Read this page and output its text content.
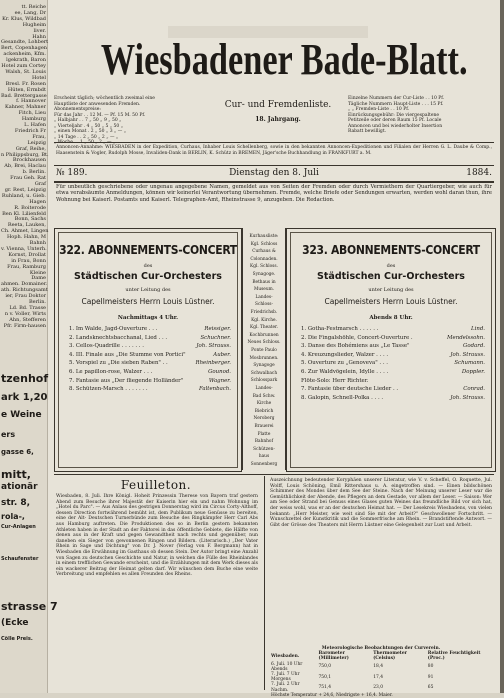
tt. Reiche
ee, Lang, Dr
Kr. Klus, Wildbad
Hugheim
liver.
Hahn
Gesandte, Lohbert
Bert, Copenhagen
ackenheim, Kfm.
lgekrath, Baron
Hotel zum Cortey
Walsh, St. Louis
Hotel
Bresl. Fr. Rosen
Hüten, Ermbdt
Bad. Brettergasse
f. Hannover
Kahner, Mahner
Fitch, Lieu
Hamburg
L. Hafen
Friedrich Fr
Frau,
Leipzig
Graf, Reihe,
n Philippsburg, Bt.
Brockhausen
Ab, Brei, Haclau
b. Berlin.
Frau Geh. Rat
Graf
gr. Rest, Leipzig
Ruhland, u. Gieb.
Hagen
R. Boiterode
Ben Kl. Lilienfeld
Bonn, Sachs
Reeta, Lauken,
Ch. Ahmet, Lingen
Hoph. Hahn, M
Bahnh
v. Vienna, Unterh.
Kornst, Drollat
in Frau, Bonn
Frau, Ramburg
Kleine
Dame
ahmen. Domainer.
ath. Richtungsamt
ier, Frau Doktor
Berlin.
Ld. Bd. Trasse
n v. Voller, Wirts
Ahn, Stefferen
Pfr. Firm-hausen
tzenhof
ark 1,20
e Weine
ers
gasse 6,
mitt,
ationär
str. 8,
rola-,
Cur-Anlagen
Schaufenster
strasse 7
(Ecke
Cölle Preis.
Wiesbadener Bade-Blatt.
Erscheint täglich; wöchentlich zweimal eine
Hauptliste der anwesenden Fremden.
Abonnementspreise:
Für das Jahr . . 12 M. — Pf. 15 M. 50 Pf.
„ Halbjahr . . 7 „ 50 „ 9 „ 50 „
„ Vierteljahr . 4 „ 50 „ 5 „ 50 „
„ einen Monat . 2 „ 50 „ 3 „ — „
„ 14 Tage . . 2 „ 50 „ 2 „ — „
„ Woche . . 1 „ 50 „ 2 „ — „
Cur- und Fremdenliste.
18. Jahrgang.
Einzelne Nummern der Cur-Liste . . 10 Pf.
Tägliche Nummern Haupt-Liste . . . 15 Pf.
„ „ Fremden-Liste . . 10 Pf.
Einrückungsgebühr: Die viergespaltene
Petitzeile oder deren Raum 15 Pf. Locale
Annoncen und bei wiederholter Insertion
Rabatt bewilligt.
Annoncen-Annahme: WIESBADEN in der Expedition, Curhaus, Inhaber Louis Schellenberg, sowie in den bekannten Annoncen-Expeditionen und Filialen der Herren G. L. Daube & Comp., Haasenstein & Vogler, Rudolph Mosse, Invaliden-Dank in BERLIN, K. Schütz in BREMEN, Jäger'sche Buchhandlung in FRANKFURT a. M.
№ 189.	Dienstag den 8. Juli	1884.
Für unbeutlich geschriebene oder ungenau angegebene Namen, gemeldet aus von Seiten der Fremden oder durch Vermiethern der Quartiergeber, wie auch für etwa verabsäumte Anmeldungen, können wir keinerlei Verantwortung übernehmen. Fremde, welche Briefe oder Sendungen erwarten, werden wohl daran thun, ihre Wohnung bei Kaiserl. Postamts und Kaiserl. Telegraphen-Amt, Rheinstrasse 9, anzugeben. Die Redaction.
322. ABONNEMENTS-CONCERT
des
Städtischen Cur-Orchesters
unter Leitung des
Capellmeisters Herrn Louis Lüstner.
Nachmittags 4 Uhr.
1. Im Walde, Jagd-Ouverture . . .	Reissiger.
2. Landsknechtsbacchanal, Lied . . .	Schuchner.
3. Cellos-Quadrille . . . . . . .	Joh. Strauss.
4. III. Finale aus „Die Stumme von Portici"	Auber.
5. Vorspiel zu „Die sieben Raben" . .	Rheinberger.
6. Le papillon-rose, Walzer . . .	Gounod.
7. Fantasie aus „Der fliegende Holländer"	Wagner.
8. Schützen-Marsch . . . . . . .	Faltenbach.
Kurhausliste:
Kgl. Schloss
Curhaus &
Colonnaden.
Kgl. Schloss.
Synagoge.
Bethaus in
Museum.
Landes-
Schloss-
Friedrichsb.
Kgl. Kirche.
Kgl. Theater.
Kochbrunnen
Neues Schloss.
Ponte Paulo
Mosbrunnen.
Synagoge
Schwalbach
Schlosspark
Landes-
Bad Schw.
Kirche
Biebrich
Neroberg
Brauerei
Platte
Bahnhof
Schützen-
haus
Sonnenberg
323. ABONNEMENTS-CONCERT
des
Städtischen Cur-Orchesters
unter Leitung des
Capellmeisters Herrn Louis Lüstner.
Abends 8 Uhr.
1. Gotha-Festmarsch . . . . . .	Lind.
2. Die Fingalshöhle, Concert-Ouverture .	Mendelssohn.
3. Danse des Bohémiens aus „Le Tasse"	Godard.
4. Kreuzungslieder, Walzer . . . .	Joh. Strauss.
5. Ouverture zu „Genoveva" . . .	Schumann.
6. Zur Waldvögelein, Idylle . . . .	Doppler.
Flöte-Solo: Herr Richter.
7. Fantasie über deutsche Lieder . .	Conrad.
8. Galopin, Schnell-Polka . . . .	Joh. Strauss.
Feuilleton.
Wiesbaden, 8. Juli. Ihre Königl. Hoheit Prinzessin Therese von Bayern traf gestern Abend zum Besuche ihrer Majestät der Kaiserin hier ein und nahm Wohnung im „Hotel du Parc". — Aus Anlass des gestrigen Donnerstag wird im Circus Corty-Althoff, dessen Direction fortwährend bemüht ist, dem Publikum neue Genüsse zu bereiten, eine der Alt- Deutschen Turnerbünde zum Besuche des Ringkämpfer Herr Carl Abs aus Hamburg auftreten. Die Produktionen des so in Berlin gestern bekannten Athleten haben in der Stadt an der Faktorei in das öffentliche Gebiete, die Hälfte von denen aus in der Kraft und gegen Gewandtheit nach rechts und gegenüber, nun daneben ein Sieger von gewonnenen Ringen und Bildern. (Literarisch.) „Der Vater Rhein in Sage und Dichtung" von Dr. J. Nover (Verlag von F. Bergmann) hat in Wiesbaden die Erwähnung im Gasthaus ob dessen Stein. Der Autor bringt eine Anzahl von Sagen zu deutschen Geschichte und Natur, in welchen die Fülle des Rheinlandes in einem trefflichen Gewande erscheint, und die Erzählungen mit dem Werk dieses als ein wackerer Beitrag der Heimat gelten darf. Wir wünschen dem Buche eine weite Verbreitung und empfehlen es allen Freunden des Rheins.
Auszeichnung bedeutender Koryphäen unserer Literatur, wie V. v. Scheffel, O. Roquette, Jul. Wolff, Louis Schöning, Emil Rittershaus u. A. eingetroffen sind. — Einen bildschönen Schimmer des Mondes über dem See der Steine. Nach der Meinung unserer Leser war die Gemüthlichkeit der Abende, des Pflegers an dem Gestade, vor allem der Leser. — Saison: Wer am See oder Strand bei Genuss eines Glases guten Weines das freundliche Bild vor sich hat, der weiss wohl, was er an der deutschen Heimat hat. — Der Lesekreis Wiesbadens, von vielen bekannt: „Herr Meister, wie weit sind Sie mit der Arbeit?" Geschwollener Fortschritt. — Wunschzettel der Kunstkritik und die Sommerfrische am Rhein. — Brandstiftende Antwort. — Gibt der Grösse des Theaters mit Herrn Lüstner eine Gelegenheit zur Lust und Arbeit.
Meteorologische Beobachtungen der Curverein.
Wiesbaden.	Barometer (Millimeter)	Thermometer (Celsius)	Relative Feuchtigkeit (Proc.)
6. Juli. 10 Uhr Abends	750,0	18,4	80
7. Juli. 7 Uhr Morgens	750,1	17,4	91
7. Juli. 2 Uhr Nachm.	751,4	23,0	65
Höchste Temperatur + 24,6, Niedrigste + 16,4. Maier.			
